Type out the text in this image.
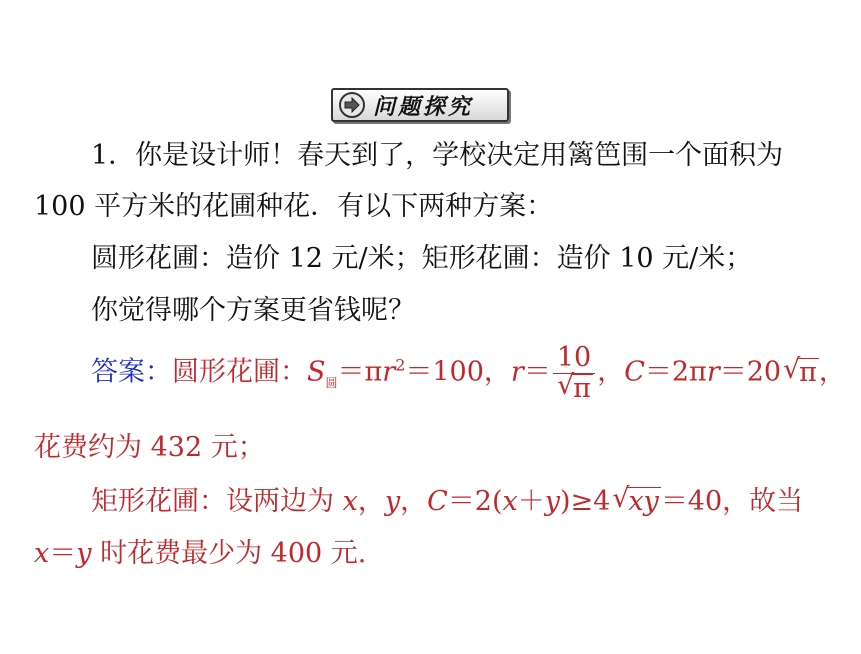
问题探究
1．你是设计师！春天到了，学校决定用篱笆围一个面积为
100 平方米的花圃种花．有以下两种方案：
圆形花圃：造价 12 元/米；矩形花圃：造价 10 元/米；
你觉得哪个方案更省钱呢？
答案：圆形花圃：$S_圆=\pi r^2=100$，r＝ 10
√ π ，C＝2πr＝20 √ π，
花费约为 432 元；
矩形花圃：设两边为 x，y，C＝2(x＋y)≥4 √ xy＝40，故当
x＝y 时花费最少为 400 元.
